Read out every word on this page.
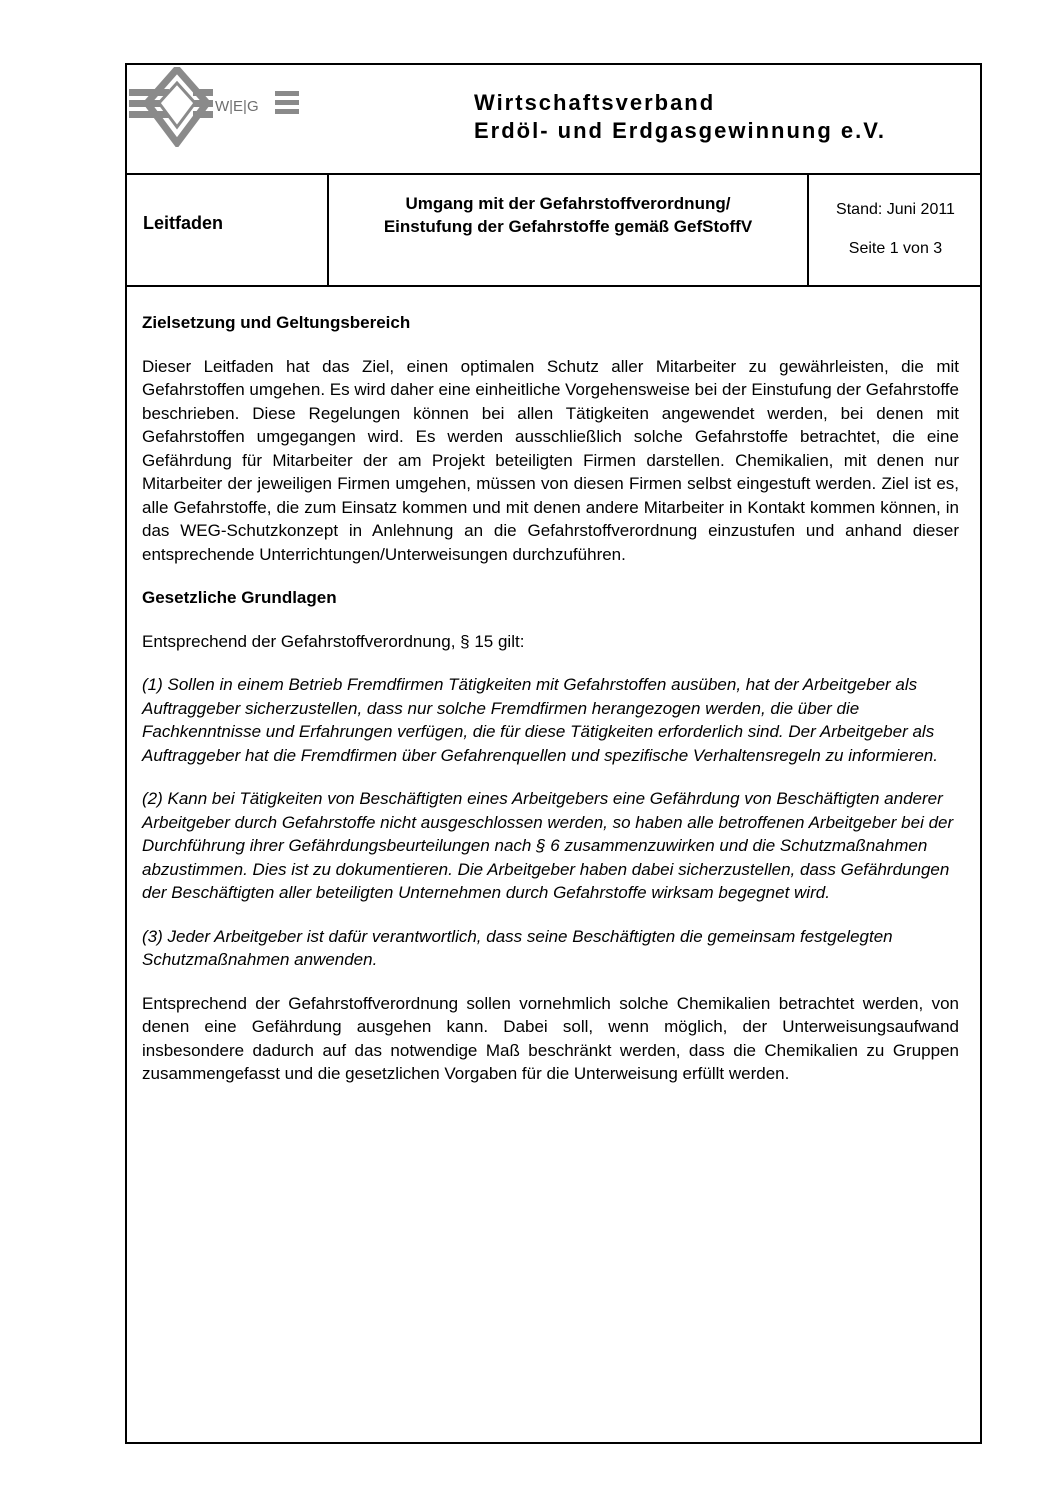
W|E|G	Wirtschaftsverband
Erdöl- und Erdgasgewinnung e.V.
Leitfaden
Umgang mit der Gefahrstoffverordnung/
Einstufung der Gefahrstoffe gemäß GefStoffV
Stand: Juni 2011
Seite 1 von 3
Zielsetzung und Geltungsbereich

Dieser Leitfaden hat das Ziel, einen optimalen Schutz aller Mitarbeiter zu gewährleisten, die mit Gefahrstoffen umgehen. Es wird daher eine einheitliche Vorgehensweise bei der Einstufung der Gefahrstoffe beschrieben. Diese Regelungen können bei allen Tätigkeiten angewendet werden, bei denen mit Gefahrstoffen umgegangen wird. Es werden ausschließlich solche Gefahrstoffe betrachtet, die eine Gefährdung für Mitarbeiter der am Projekt beteiligten Firmen darstellen. Chemikalien, mit denen nur Mitarbeiter der jeweiligen Firmen umgehen, müssen von diesen Firmen selbst eingestuft werden. Ziel ist es, alle Gefahrstoffe, die zum Einsatz kommen und mit denen andere Mitarbeiter in Kontakt kommen können, in das WEG-Schutzkonzept in Anlehnung an die Gefahrstoffverordnung einzustufen und anhand dieser entsprechende Unterrichtungen/Unterweisungen durchzuführen.

Gesetzliche Grundlagen

Entsprechend der Gefahrstoffverordnung, § 15 gilt:

(1) Sollen in einem Betrieb Fremdfirmen Tätigkeiten mit Gefahrstoffen ausüben, hat der Arbeitgeber als Auftraggeber sicherzustellen, dass nur solche Fremdfirmen herangezogen werden, die über die Fachkenntnisse und Erfahrungen verfügen, die für diese Tätigkeiten erforderlich sind. Der Arbeitgeber als Auftraggeber hat die Fremdfirmen über Gefahrenquellen und spezifische Verhaltensregeln zu informieren.

(2) Kann bei Tätigkeiten von Beschäftigten eines Arbeitgebers eine Gefährdung von Beschäftigten anderer Arbeitgeber durch Gefahrstoffe nicht ausgeschlossen werden, so haben alle betroffenen Arbeitgeber bei der Durchführung ihrer Gefährdungsbeurteilungen nach § 6 zusammenzuwirken und die Schutzmaßnahmen abzustimmen. Dies ist zu dokumentieren. Die Arbeitgeber haben dabei sicherzustellen, dass Gefährdungen der Beschäftigten aller beteiligten Unternehmen durch Gefahrstoffe wirksam begegnet wird.

(3) Jeder Arbeitgeber ist dafür verantwortlich, dass seine Beschäftigten die gemeinsam festgelegten Schutzmaßnahmen anwenden.

Entsprechend der Gefahrstoffverordnung sollen vornehmlich solche Chemikalien betrachtet werden, von denen eine Gefährdung ausgehen kann. Dabei soll, wenn möglich, der Unterweisungsaufwand insbesondere dadurch auf das notwendige Maß beschränkt werden, dass die Chemikalien zu Gruppen zusammengefasst und die gesetzlichen Vorgaben für die Unterweisung erfüllt werden.
